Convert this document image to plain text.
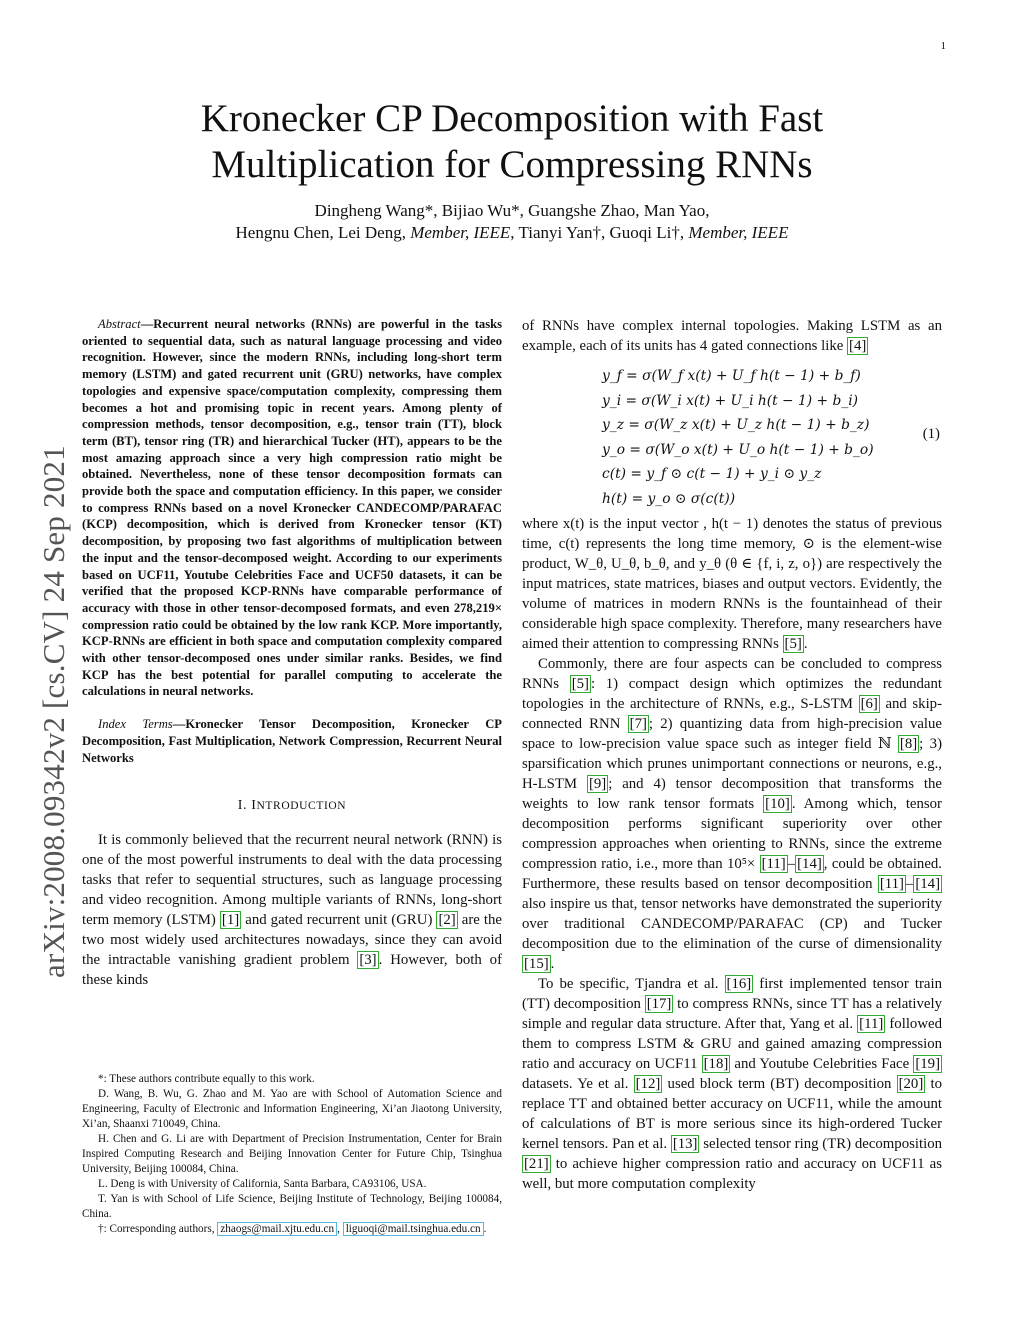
1
arXiv:2008.09342v2 [cs.CV] 24 Sep 2021
Kronecker CP Decomposition with Fast
Multiplication for Compressing RNNs
Dingheng Wang*, Bijiao Wu*, Guangshe Zhao, Man Yao,
Hengnu Chen, Lei Deng, Member, IEEE, Tianyi Yan†, Guoqi Li†, Member, IEEE

Abstract—Recurrent neural networks (RNNs) are powerful in the tasks oriented to sequential data, such as natural language processing and video recognition. However, since the modern RNNs, including long-short term memory (LSTM) and gated recurrent unit (GRU) networks, have complex topologies and expensive space/computation complexity, compressing them becomes a hot and promising topic in recent years. Among plenty of compression methods, tensor decomposition, e.g., tensor train (TT), block term (BT), tensor ring (TR) and hierarchical Tucker (HT), appears to be the most amazing approach since a very high compression ratio might be obtained. Nevertheless, none of these tensor decomposition formats can provide both the space and computation efficiency. In this paper, we consider to compress RNNs based on a novel Kronecker CANDECOMP/PARAFAC (KCP) decomposition, which is derived from Kronecker tensor (KT) decomposition, by proposing two fast algorithms of multiplication between the input and the tensor-decomposed weight. According to our experiments based on UCF11, Youtube Celebrities Face and UCF50 datasets, it can be verified that the proposed KCP-RNNs have comparable performance of accuracy with those in other tensor-decomposed formats, and even 278,219× compression ratio could be obtained by the low rank KCP. More importantly, KCP-RNNs are efficient in both space and computation complexity compared with other tensor-decomposed ones under similar ranks. Besides, we find KCP has the best potential for parallel computing to accelerate the calculations in neural networks.

Index Terms—Kronecker Tensor Decomposition, Kronecker CP Decomposition, Fast Multiplication, Network Compression, Recurrent Neural Networks

I. INTRODUCTION

It is commonly believed that the recurrent neural network (RNN) is one of the most powerful instruments to deal with the data processing tasks that refer to sequential structures, such as language processing and video recognition. Among multiple variants of RNNs, long-short term memory (LSTM) [1] and gated recurrent unit (GRU) [2] are the two most widely used architectures nowadays, since they can avoid the intractable vanishing gradient problem [3] . However, both of these kinds

*: These authors contribute equally to this work.

D. Wang, B. Wu, G. Zhao and M. Yao are with School of Automation Science and Engineering, Faculty of Electronic and Information Engineering, Xi’an Jiaotong University, Xi’an, Shaanxi 710049, China.

H. Chen and G. Li are with Department of Precision Instrumentation, Center for Brain Inspired Computing Research and Beijing Innovation Center for Future Chip, Tsinghua University, Beijing 100084, China.

L. Deng is with University of California, Santa Barbara, CA93106, USA.

T. Yan is with School of Life Science, Beijing Institute of Technology, Beijing 100084, China.

†: Corresponding authors, zhaogs@mail.xjtu.edu.cn , liguoqi@mail.tsinghua.edu.cn .

of RNNs have complex internal topologies. Making LSTM as an example, each of its units has 4 gated connections like [4]

y_f = σ(W_f x(t) + U_f h(t − 1) + b_f)
y_i = σ(W_i x(t) + U_i h(t − 1) + b_i)
y_z = σ(W_z x(t) + U_z h(t − 1) + b_z)
y_o = σ(W_o x(t) + U_o h(t − 1) + b_o)
c(t) = y_f ⊙ c(t − 1) + y_i ⊙ y_z
h(t) = y_o ⊙ σ(c(t))
(1)

where x(t) is the input vector , h(t − 1) denotes the status of previous time, c(t) represents the long time memory, ⊙ is the element-wise product, W_θ, U_θ, b_θ, and y_θ (θ ∈ {f, i, z, o}) are respectively the input matrices, state matrices, biases and output vectors. Evidently, the volume of matrices in modern RNNs is the fountainhead of their considerable high space complexity. Therefore, many researchers have aimed their attention to compressing RNNs [5] .

Commonly, there are four aspects can be concluded to compress RNNs [5] : 1) compact design which optimizes the redundant topologies in the architecture of RNNs, e.g., S-LSTM [6] and skip-connected RNN [7] ; 2) quantizing data from high-precision value space to low-precision value space such as integer field ℕ [8] ; 3) sparsification which prunes unimportant connections or neurons, e.g., H-LSTM [9] ; and 4) tensor decomposition that transforms the weights to low rank tensor formats [10] . Among which, tensor decomposition performs significant superiority over other compression approaches when orienting to RNNs, since the extreme compression ratio, i.e., more than 10⁵× [11] – [14] , could be obtained. Furthermore, these results based on tensor decomposition [11] – [14] also inspire us that, tensor networks have demonstrated the superiority over traditional CANDECOMP/PARAFAC (CP) and Tucker decomposition due to the elimination of the curse of dimensionality [15] .

To be specific, Tjandra et al. [16] first implemented tensor train (TT) decomposition [17] to compress RNNs, since TT has a relatively simple and regular data structure. After that, Yang et al. [11] followed them to compress LSTM & GRU and gained amazing compression ratio and accuracy on UCF11 [18] and Youtube Celebrities Face [19] datasets. Ye et al. [12] used block term (BT) decomposition [20] to replace TT and obtained better accuracy on UCF11, while the amount of calculations of BT is more serious since its high-ordered Tucker kernel tensors. Pan et al. [13] selected tensor ring (TR) decomposition [21] to achieve higher compression ratio and accuracy on UCF11 as well, but more computation complexity
